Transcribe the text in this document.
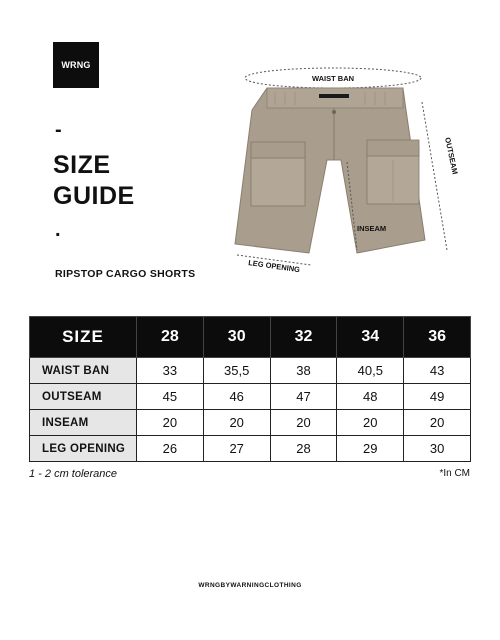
WRNG
-
SIZE
GUIDE
.
RIPSTOP CARGO SHORTS
WAIST BAN
OUTSEAM
INSEAM
LEG OPENING
SIZE	28	30	32	34	36
WAIST BAN	33	35,5	38	40,5	43
OUTSEAM	45	46	47	48	49
INSEAM	20	20	20	20	20
LEG OPENING	26	27	28	29	30
1 - 2 cm tolerance	*In CM
WRNGBYWARNINGCLOTHING
